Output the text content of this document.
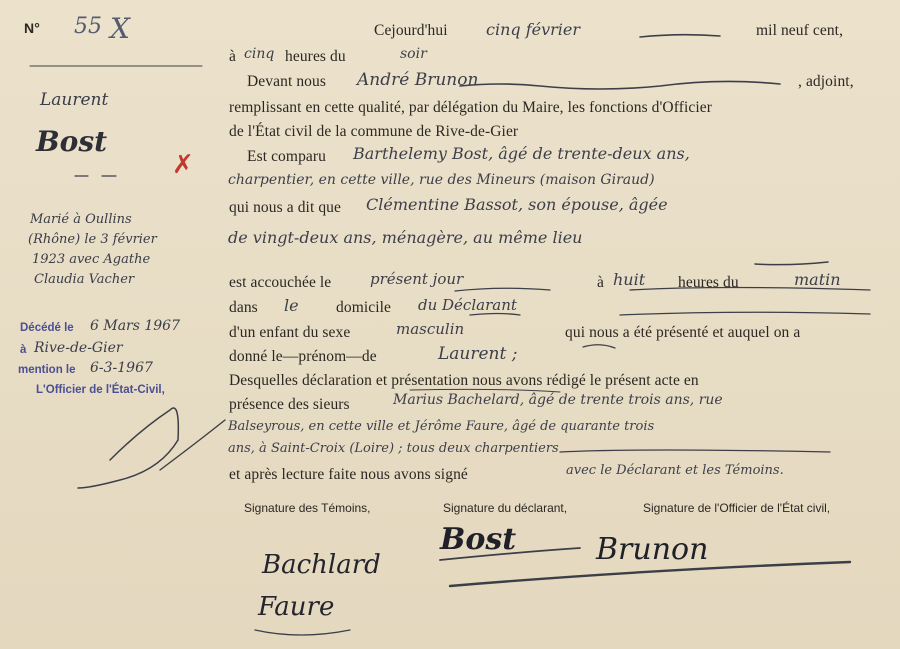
N° 55 X
Laurent
Bost
✗
Marié à Oullins
(Rhône) le 3 février
1923 avec Agathe
Claudia Vacher
Décédé le 6 Mars 1967
à Rive-de-Gier
mention le 6-3-1967
L'Officier de l'État-Civil,
Cejourd'hui cinq février	mil neuf cent,
à cinq heures du	soir
Devant nous André Brunon	, adjoint,
remplissant en cette qualité, par délégation du Maire, les fonctions d'Officier
de l'État civil de la commune de Rive-de-Gier
Est comparu Barthelemy Bost, âgé de trente-deux ans,
charpentier, en cette ville, rue des Mineurs (maison Giraud)
qui nous a dit que Clémentine Bassot, son épouse, âgée
de vingt-deux ans, ménagère, au même lieu
est accouchée le	présent jour	à huit heures du	matin
dans le domicile du Déclarant
d'un enfant du sexe	masculin	qui nous a été présenté et auquel on a
donné le—prénom—de	Laurent ;
Desquelles déclaration et présentation nous avons rédigé le présent acte en
présence des sieurs	Marius Bachelard, âgé de trente trois ans, rue
Balseyrous, en cette ville et Jérôme Faure, âgé de quarante trois
ans, à Saint-Croix (Loire) ; tous deux charpentiers
et après lecture faite nous avons signé	avec le Déclarant et les Témoins.
Signature des Témoins,	Signature du déclarant,	Signature de l'Officier de l'État civil,
Bachlard
Faure
Bost	Brunon
